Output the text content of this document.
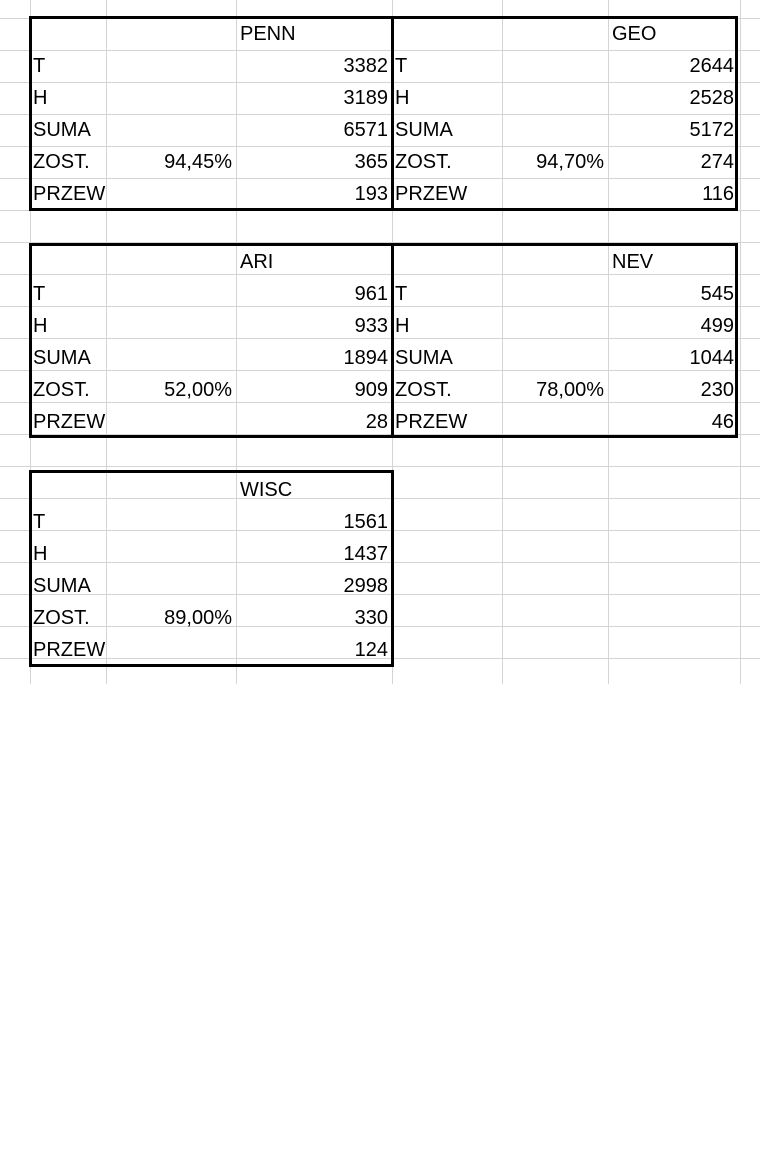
PENN
T	3382
H	3189
SUMA	6571
ZOST.	94,45%	365
PRZEW	193
GEO
T	2644
H	2528
SUMA	5172
ZOST.	94,70%	274
PRZEW	116
ARI
T	961
H	933
SUMA	1894
ZOST.	52,00%	909
PRZEW	28
NEV
T	545
H	499
SUMA	1044
ZOST.	78,00%	230
PRZEW	46
WISC
T	1561
H	1437
SUMA	2998
ZOST.	89,00%	330
PRZEW	124
